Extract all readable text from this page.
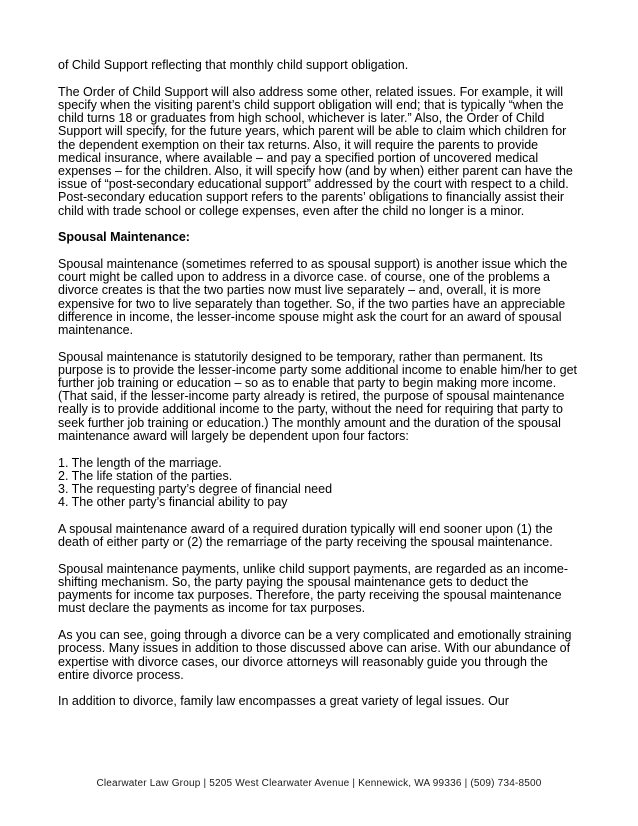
of Child Support reflecting that monthly child support obligation.

The Order of Child Support will also address some other, related issues. For example, it will
specify when the visiting parent’s child support obligation will end; that is typically “when the
child turns 18 or graduates from high school, whichever is later.” Also, the Order of Child
Support will specify, for the future years, which parent will be able to claim which children for
the dependent exemption on their tax returns. Also, it will require the parents to provide
medical insurance, where available – and pay a specified portion of uncovered medical
expenses – for the children. Also, it will specify how (and by when) either parent can have the
issue of “post-secondary educational support” addressed by the court with respect to a child.
Post-secondary education support refers to the parents’ obligations to financially assist their
child with trade school or college expenses, even after the child no longer is a minor.

Spousal Maintenance:

Spousal maintenance (sometimes referred to as spousal support) is another issue which the
court might be called upon to address in a divorce case. of course, one of the problems a
divorce creates is that the two parties now must live separately – and, overall, it is more
expensive for two to live separately than together. So, if the two parties have an appreciable
difference in income, the lesser-income spouse might ask the court for an award of spousal
maintenance.

Spousal maintenance is statutorily designed to be temporary, rather than permanent. Its
purpose is to provide the lesser-income party some additional income to enable him/her to get
further job training or education – so as to enable that party to begin making more income.
(That said, if the lesser-income party already is retired, the purpose of spousal maintenance
really is to provide additional income to the party, without the need for requiring that party to
seek further job training or education.) The monthly amount and the duration of the spousal
maintenance award will largely be dependent upon four factors:

1. The length of the marriage.
2. The life station of the parties.
3. The requesting party’s degree of financial need
4. The other party’s financial ability to pay

A spousal maintenance award of a required duration typically will end sooner upon (1) the
death of either party or (2) the remarriage of the party receiving the spousal maintenance.

Spousal maintenance payments, unlike child support payments, are regarded as an income-
shifting mechanism. So, the party paying the spousal maintenance gets to deduct the
payments for income tax purposes. Therefore, the party receiving the spousal maintenance
must declare the payments as income for tax purposes.

As you can see, going through a divorce can be a very complicated and emotionally straining
process. Many issues in addition to those discussed above can arise. With our abundance of
expertise with divorce cases, our divorce attorneys will reasonably guide you through the
entire divorce process.

In addition to divorce, family law encompasses a great variety of legal issues. Our

Clearwater Law Group | 5205 West Clearwater Avenue | Kennewick, WA 99336 | (509) 734-8500
